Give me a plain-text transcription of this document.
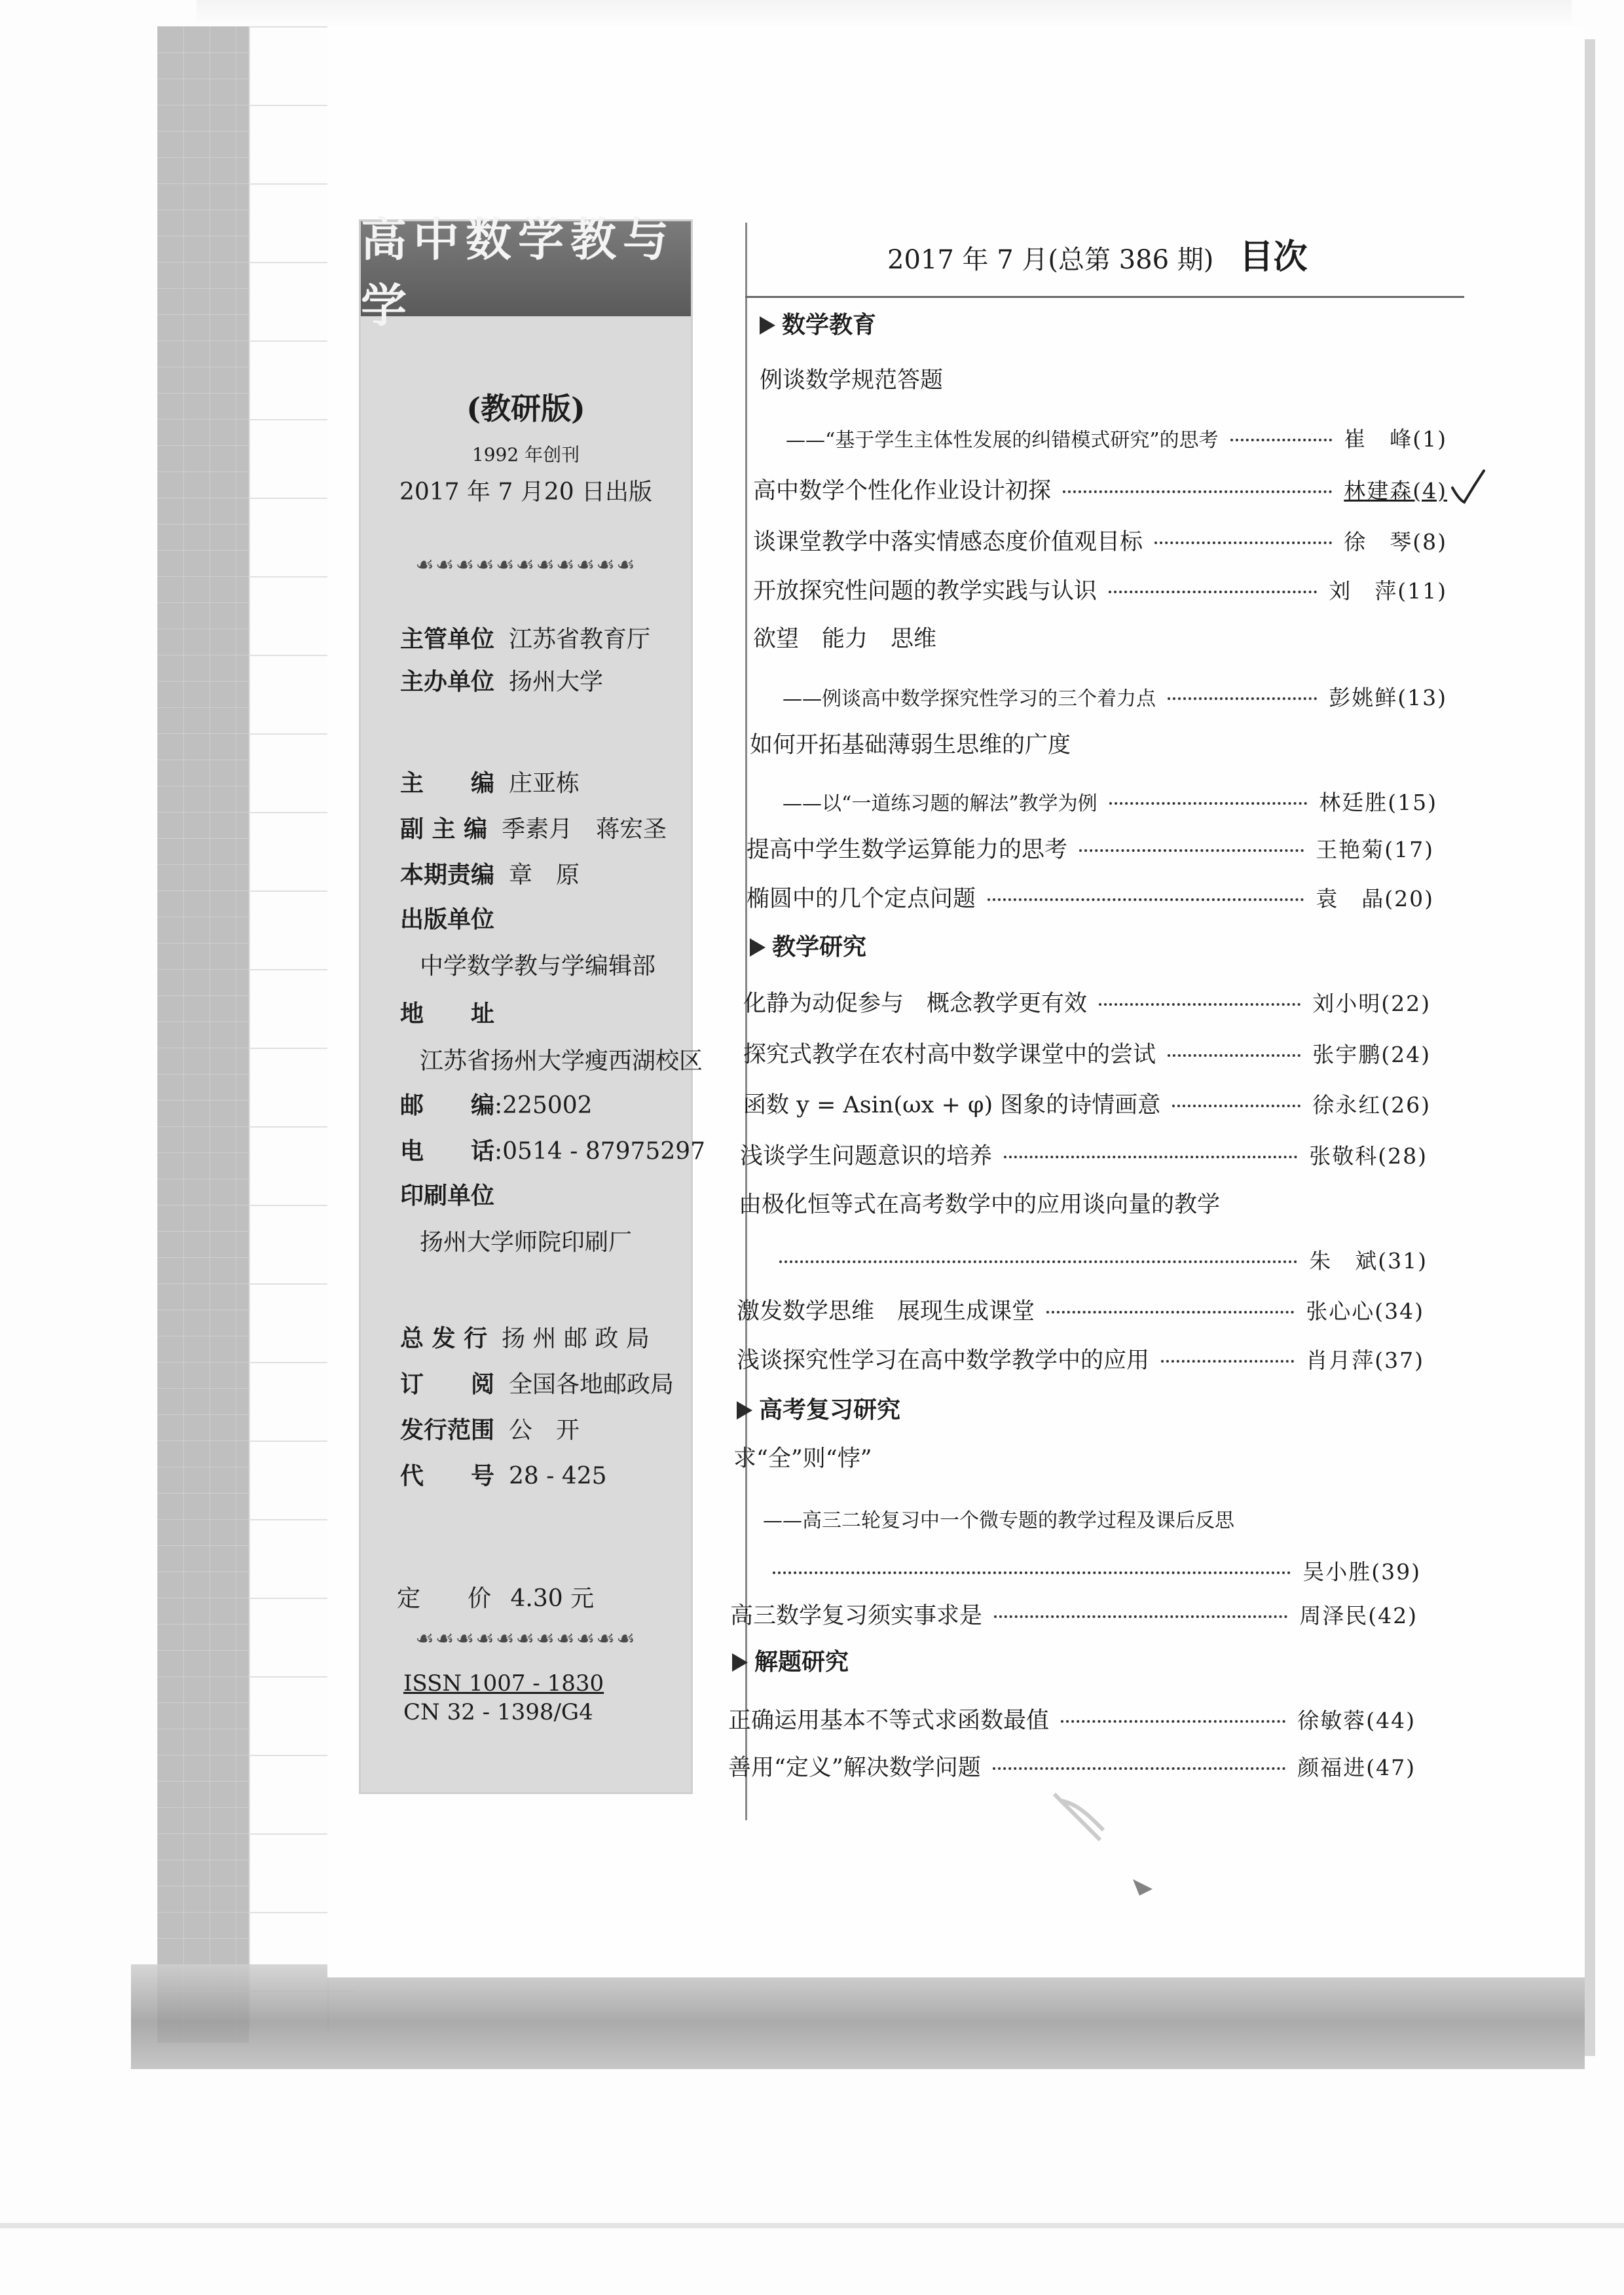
高中数学教与学
(教研版)
1992 年创刊
2017 年 7 月20 日出版
☙☙☙☙☙☙☙☙☙☙☙
主管单位 江苏省教育厅
主办单位 扬州大学
主　　编 庄亚栋
副 主 编 季素月　蒋宏圣
本期责编 章　原
出版单位
中学数学教与学编辑部
地　　址
江苏省扬州大学瘦西湖校区
邮　　编:225002
电　　话:0514 - 87975297
印刷单位
扬州大学师院印刷厂
总 发 行 扬 州 邮 政 局
订　　阅 全国各地邮政局
发行范围 公　开
代　　号 28 - 425
定　　价 4.30 元
☙☙☙☙☙☙☙☙☙☙☙
ISSN 1007 - 1830
CN 32 - 1398/G4
2017 年 7 月(总第 386 期) 目次
数学教育
例谈数学规范答题
——“基于学生主体性发展的纠错模式研究”的思考	崔　峰(1)
高中数学个性化作业设计初探	林建森(4)
谈课堂教学中落实情感态度价值观目标	徐　琴(8)
开放探究性问题的教学实践与认识	刘　萍(11)
欲望　能力　思维
——例谈高中数学探究性学习的三个着力点	彭姚鲜(13)
如何开拓基础薄弱生思维的广度
——以“一道练习题的解法”教学为例	林廷胜(15)
提高中学生数学运算能力的思考	王艳菊(17)
椭圆中的几个定点问题	袁　晶(20)
教学研究
化静为动促参与　概念教学更有效	刘小明(22)
探究式教学在农村高中数学课堂中的尝试	张宇鹏(24)
函数 y = Asin(ωx + φ) 图象的诗情画意	徐永红(26)
浅谈学生问题意识的培养	张敬科(28)
由极化恒等式在高考数学中的应用谈向量的教学
朱　斌(31)
激发数学思维　展现生成课堂	张心心(34)
浅谈探究性学习在高中数学教学中的应用	肖月萍(37)
高考复习研究
求“全”则“悖”
——高三二轮复习中一个微专题的教学过程及课后反思
吴小胜(39)
高三数学复习须实事求是	周泽民(42)
解题研究
正确运用基本不等式求函数最值	徐敏蓉(44)
善用“定义”解决数学问题	颜福进(47)
